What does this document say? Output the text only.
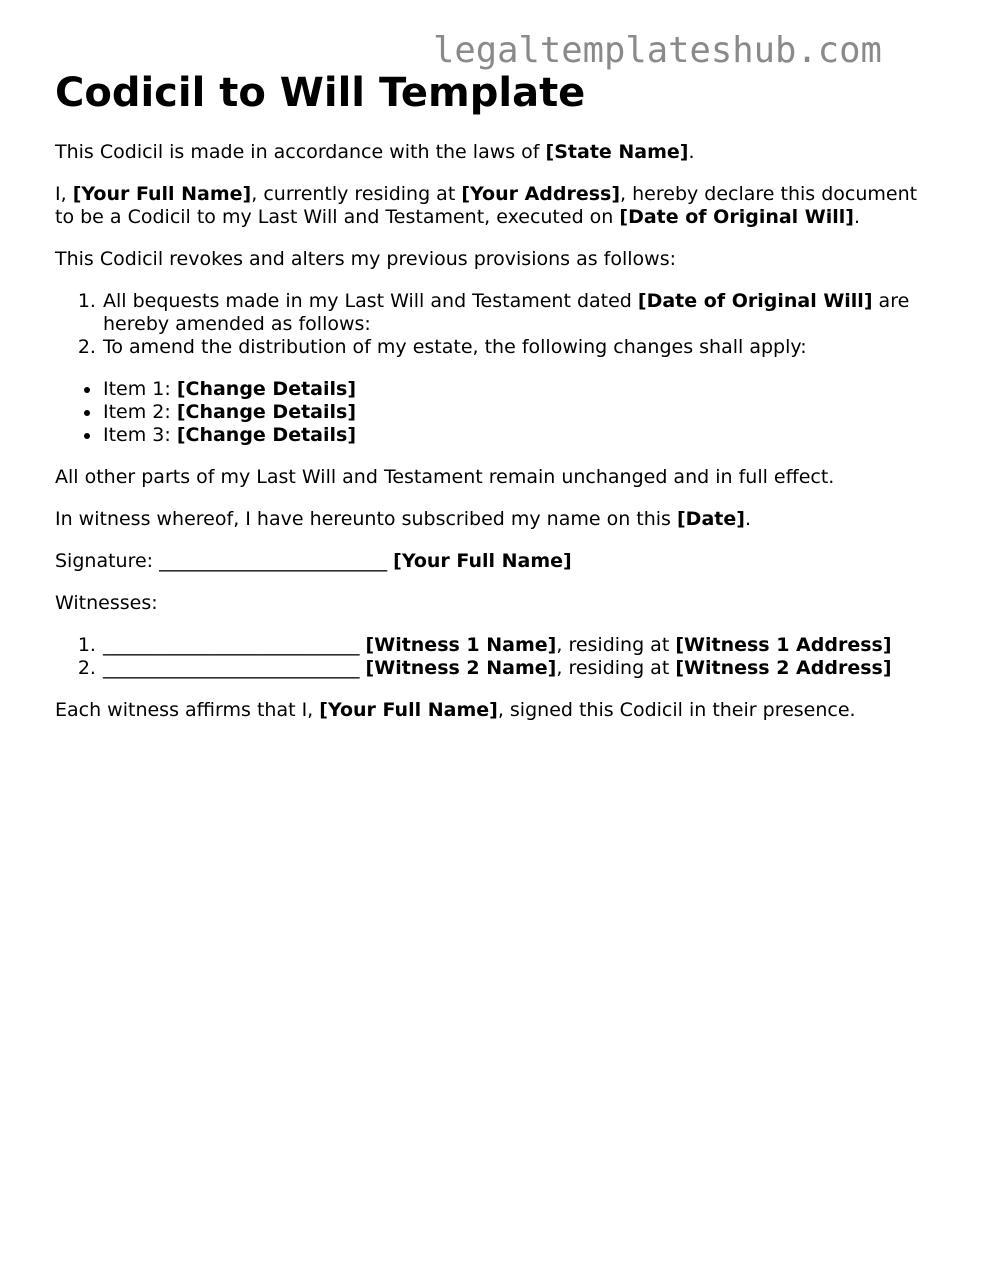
legaltemplateshub.com
Codicil to Will Template

This Codicil is made in accordance with the laws of [State Name].

I, [Your Full Name], currently residing at [Your Address], hereby declare this document to be a Codicil to my Last Will and Testament, executed on [Date of Original Will].

This Codicil revokes and alters my previous provisions as follows:

1. All bequests made in my Last Will and Testament dated [Date of Original Will] are hereby amended as follows:
2. To amend the distribution of my estate, the following changes shall apply:
• Item 1: [Change Details]
• Item 2: [Change Details]
• Item 3: [Change Details]

All other parts of my Last Will and Testament remain unchanged and in full effect.

In witness whereof, I have hereunto subscribed my name on this [Date].

Signature: ________________________ [Your Full Name]

Witnesses:

1. ___________________________ [Witness 1 Name], residing at [Witness 1 Address]
2. ___________________________ [Witness 2 Name], residing at [Witness 2 Address]

Each witness affirms that I, [Your Full Name], signed this Codicil in their presence.
